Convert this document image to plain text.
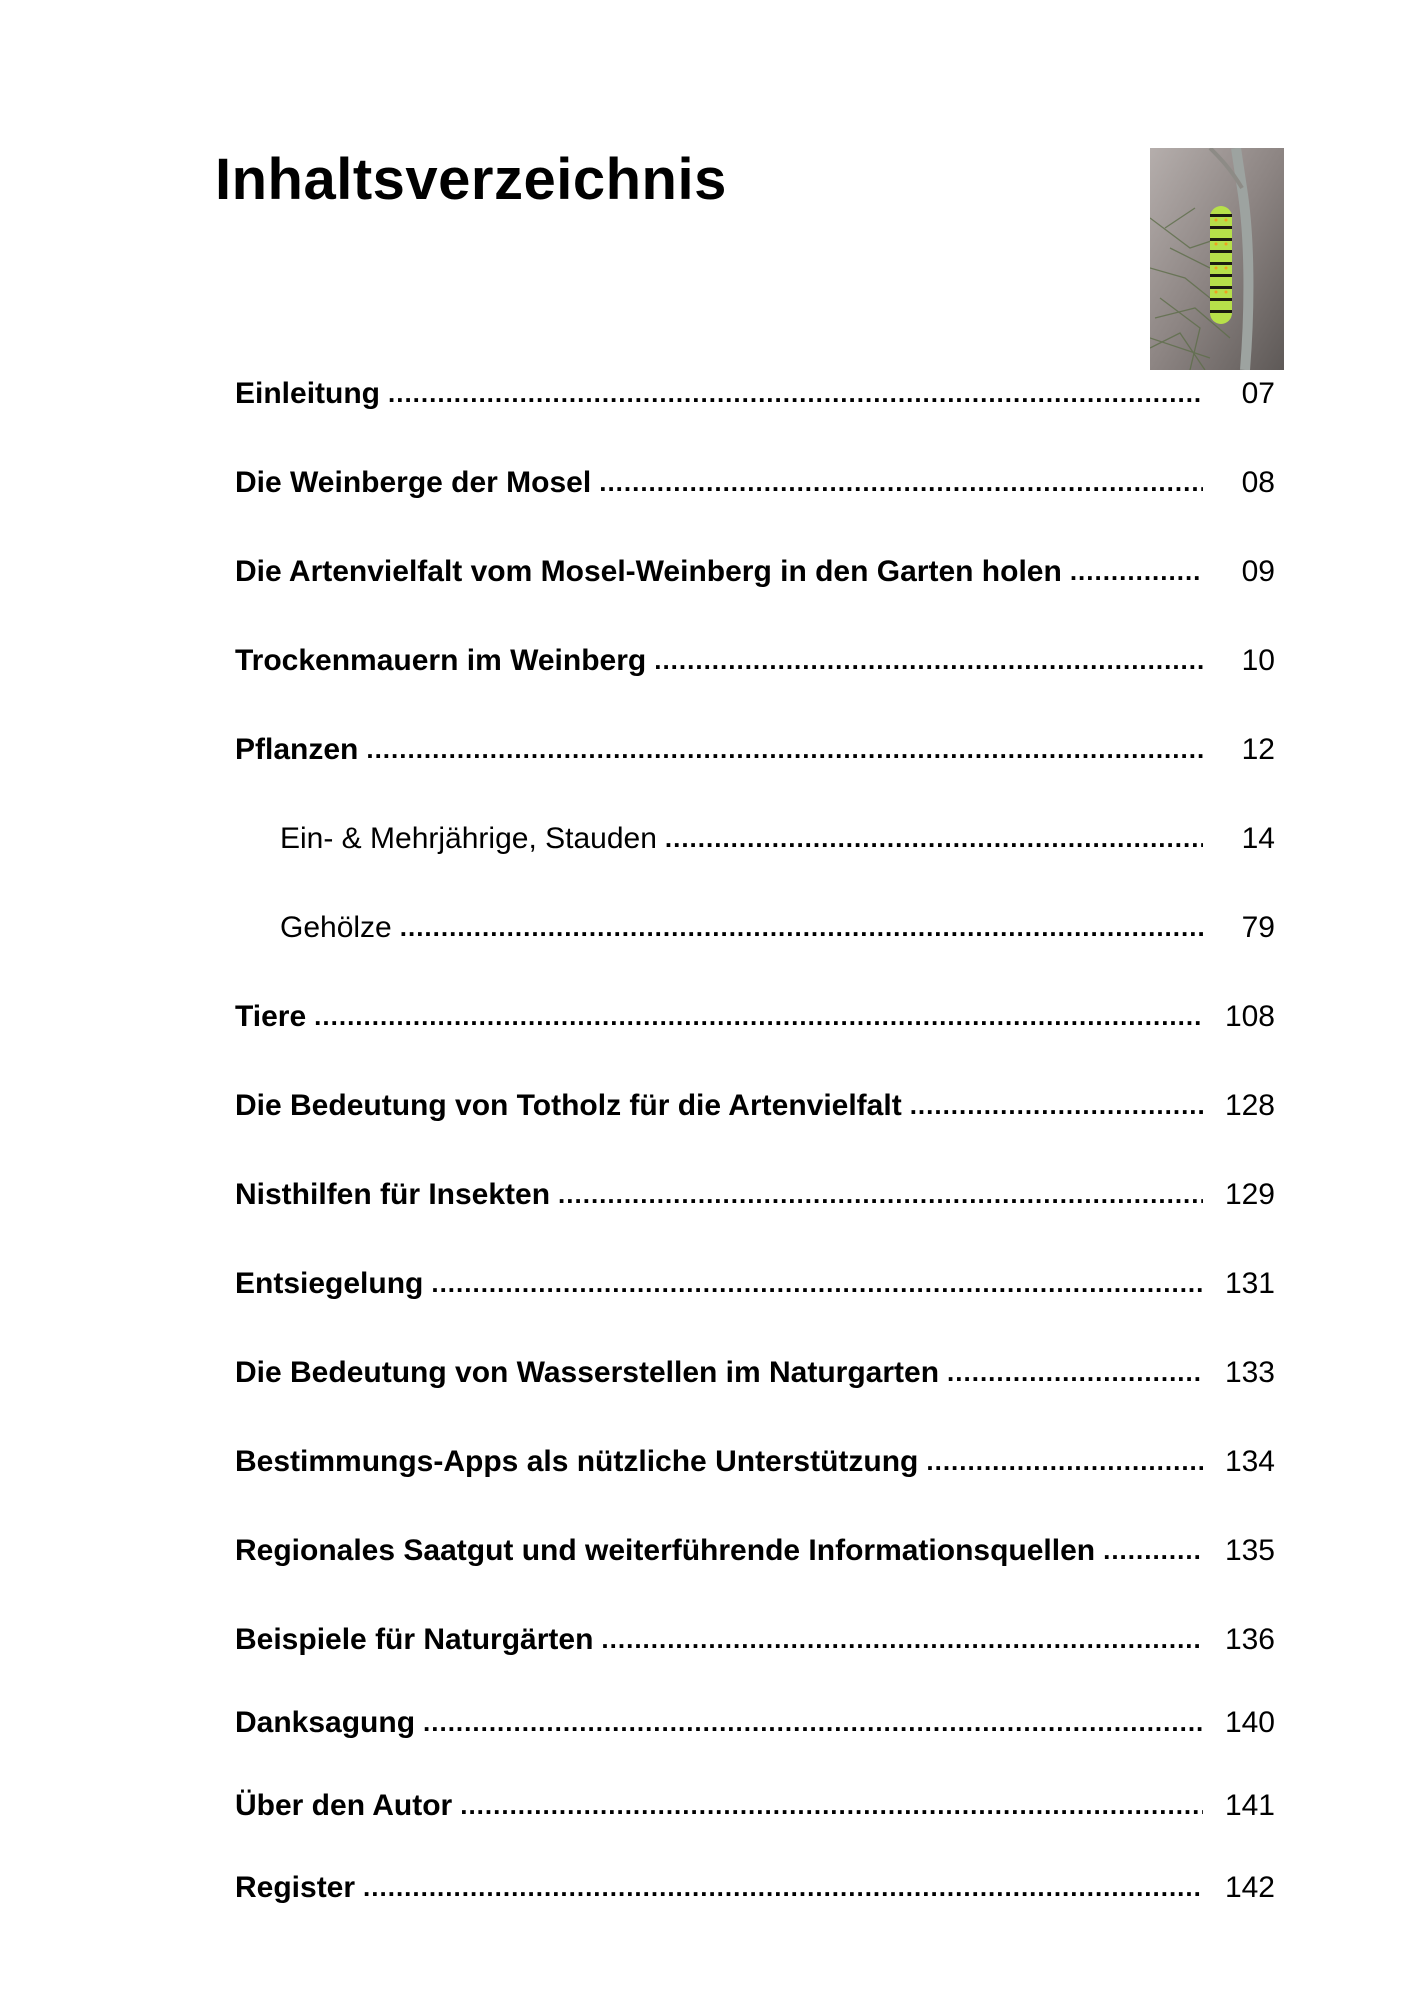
Inhaltsverzeichnis
Einleitung .....	07
Die Weinberge der Mosel .....	08
Die Artenvielfalt vom Mosel-Weinberg in den Garten holen .....	09
Trockenmauern im Weinberg .....	10
Pflanzen .....	12
Ein- & Mehrjährige, Stauden .....	14
Gehölze .....	79
Tiere .....	108
Die Bedeutung von Totholz für die Artenvielfalt .....	128
Nisthilfen für Insekten .....	129
Entsiegelung .....	131
Die Bedeutung von Wasserstellen im Naturgarten .....	133
Bestimmungs-Apps als nützliche Unterstützung .....	134
Regionales Saatgut und weiterführende Informationsquellen .....	135
Beispiele für Naturgärten .....	136
Danksagung .....	140
Über den Autor .....	141
Register .....	142
